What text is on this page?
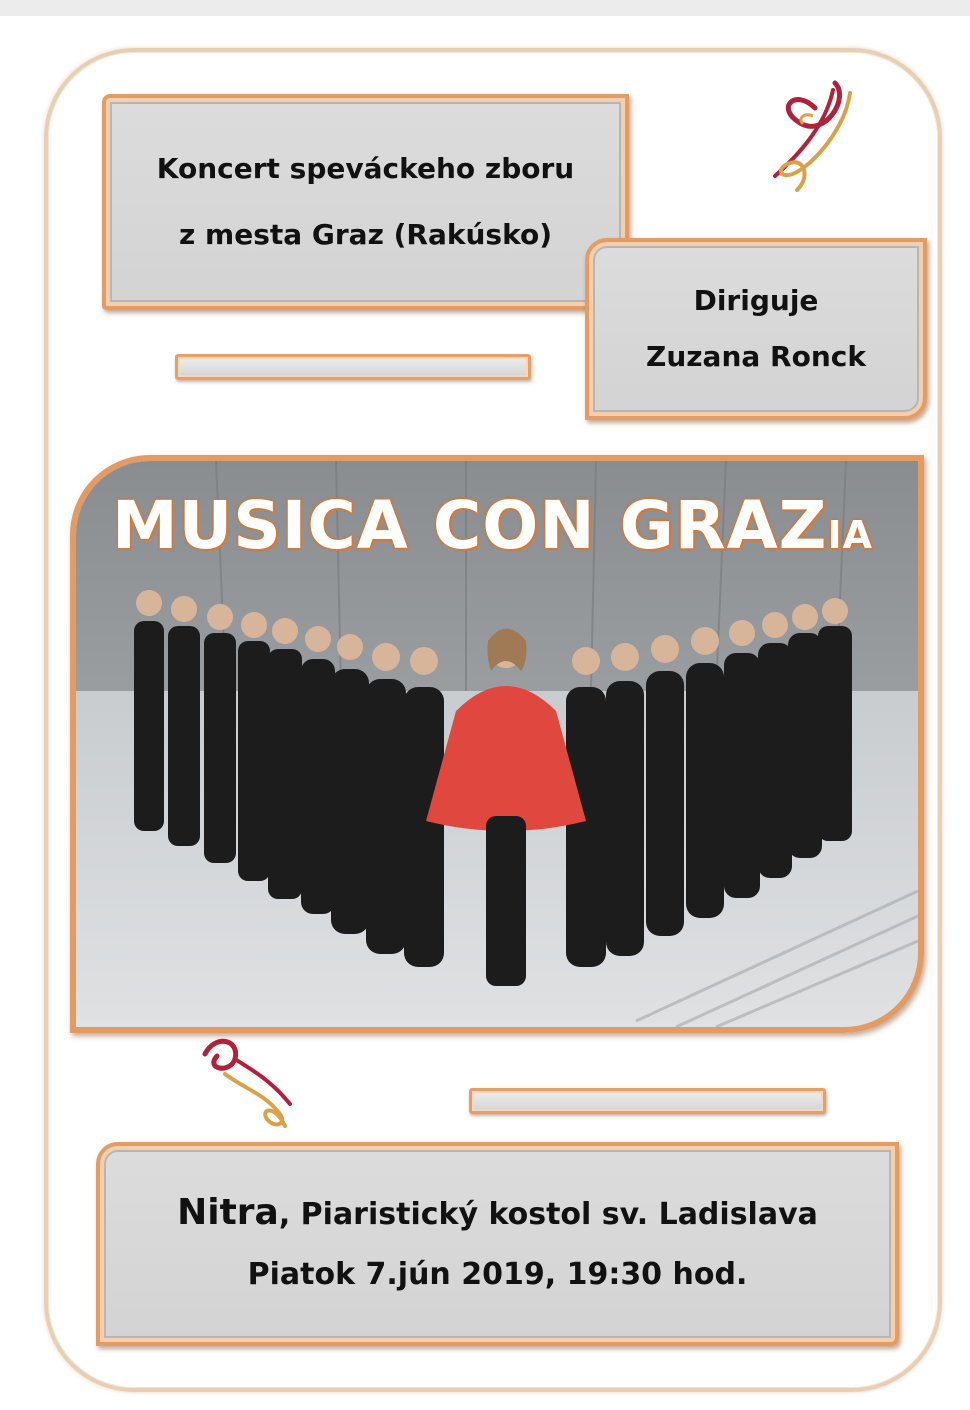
Koncert speváckeho zboru
z mesta Graz (Rakúsko)
Diriguje
Zuzana Ronck
MUSICA CON GRAZIA
Nitra, Piaristický kostol sv. Ladislava
Piatok 7.jún 2019, 19:30 hod.
